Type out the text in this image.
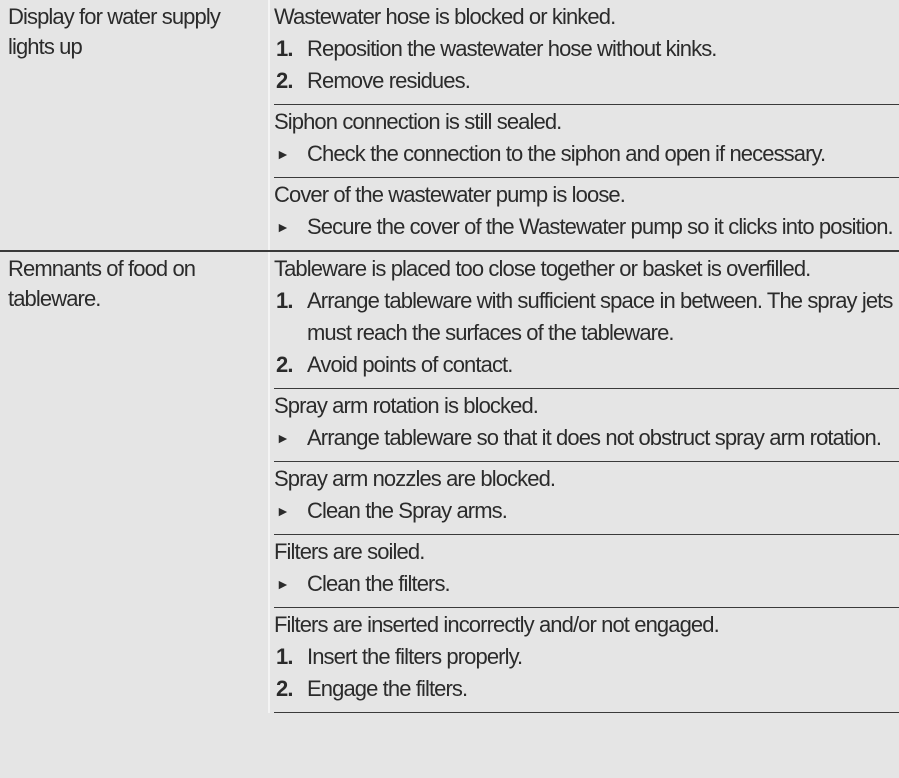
Display for water supply lights up
Wastewater hose is blocked or kinked.
1. Reposition the wastewater hose without kinks.
2. Remove residues.
Siphon connection is still sealed.
► Check the connection to the siphon and open if necessary.
Cover of the wastewater pump is loose.
► Secure the cover of the Wastewater pump so it clicks into position.
Remnants of food on tableware.
Tableware is placed too close together or basket is overfilled.
1. Arrange tableware with sufficient space in between. The spray jets must reach the surfaces of the tableware.
2. Avoid points of contact.
Spray arm rotation is blocked.
► Arrange tableware so that it does not obstruct spray arm rotation.
Spray arm nozzles are blocked.
► Clean the Spray arms.
Filters are soiled.
► Clean the filters.
Filters are inserted incorrectly and/or not engaged.
1. Insert the filters properly.
2. Engage the filters.
